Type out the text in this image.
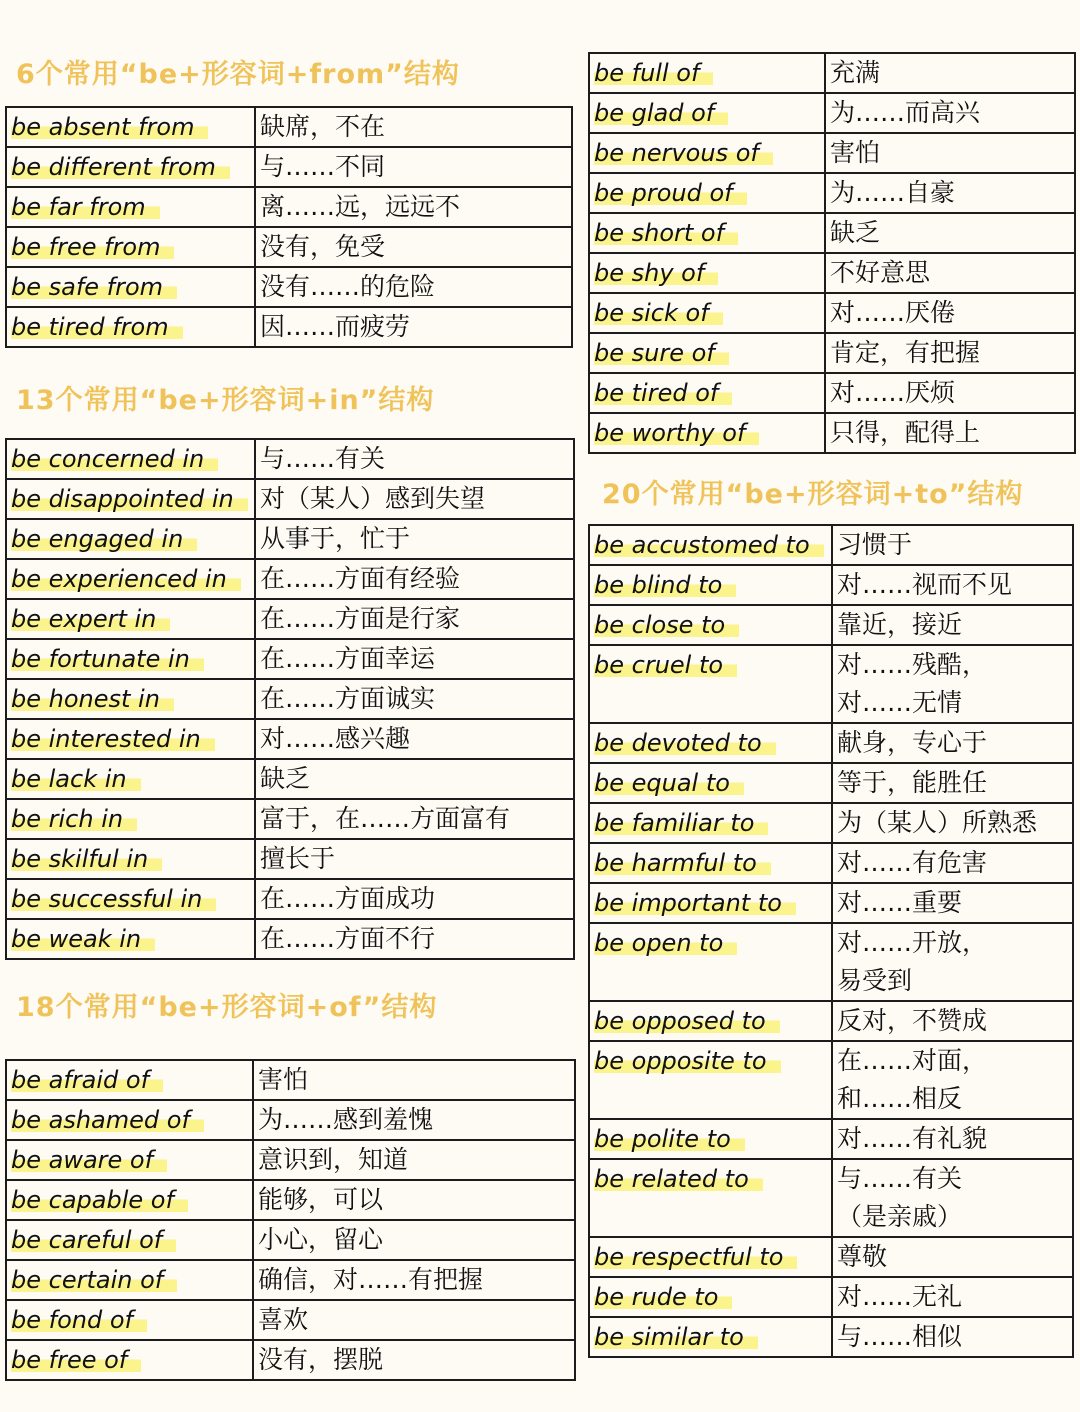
6个常用“be+形容词+from”结构
be absent from	缺席，不在
be different from	与……不同
be far from	离……远，远远不
be free from	没有，免受
be safe from	没有……的危险
be tired from	因……而疲劳
13个常用“be+形容词+in”结构
be concerned in	与……有关
be disappointed in	对（某人）感到失望
be engaged in	从事于，忙于
be experienced in	在……方面有经验
be expert in	在……方面是行家
be fortunate in	在……方面幸运
be honest in	在……方面诚实
be interested in	对……感兴趣
be lack in	缺乏
be rich in	富于，在……方面富有
be skilful in	擅长于
be successful in	在……方面成功
be weak in	在……方面不行
18个常用“be+形容词+of”结构
be afraid of	害怕
be ashamed of	为……感到羞愧
be aware of	意识到，知道
be capable of	能够，可以
be careful of	小心，留心
be certain of	确信，对……有把握
be fond of	喜欢
be free of	没有，摆脱
be full of	充满
be glad of	为……而高兴
be nervous of	害怕
be proud of	为……自豪
be short of	缺乏
be shy of	不好意思
be sick of	对……厌倦
be sure of	肯定，有把握
be tired of	对……厌烦
be worthy of	只得，配得上
20个常用“be+形容词+to”结构
be accustomed to	习惯于
be blind to	对……视而不见
be close to	靠近，接近
be cruel to	对……残酷，
对……无情
be devoted to	献身，专心于
be equal to	等于，能胜任
be familiar to	为（某人）所熟悉
be harmful to	对……有危害
be important to	对……重要
be open to	对……开放，
易受到
be opposed to	反对，不赞成
be opposite to	在……对面，
和……相反
be polite to	对……有礼貌
be related to	与……有关
（是亲戚）
be respectful to	尊敬
be rude to	对……无礼
be similar to	与……相似
